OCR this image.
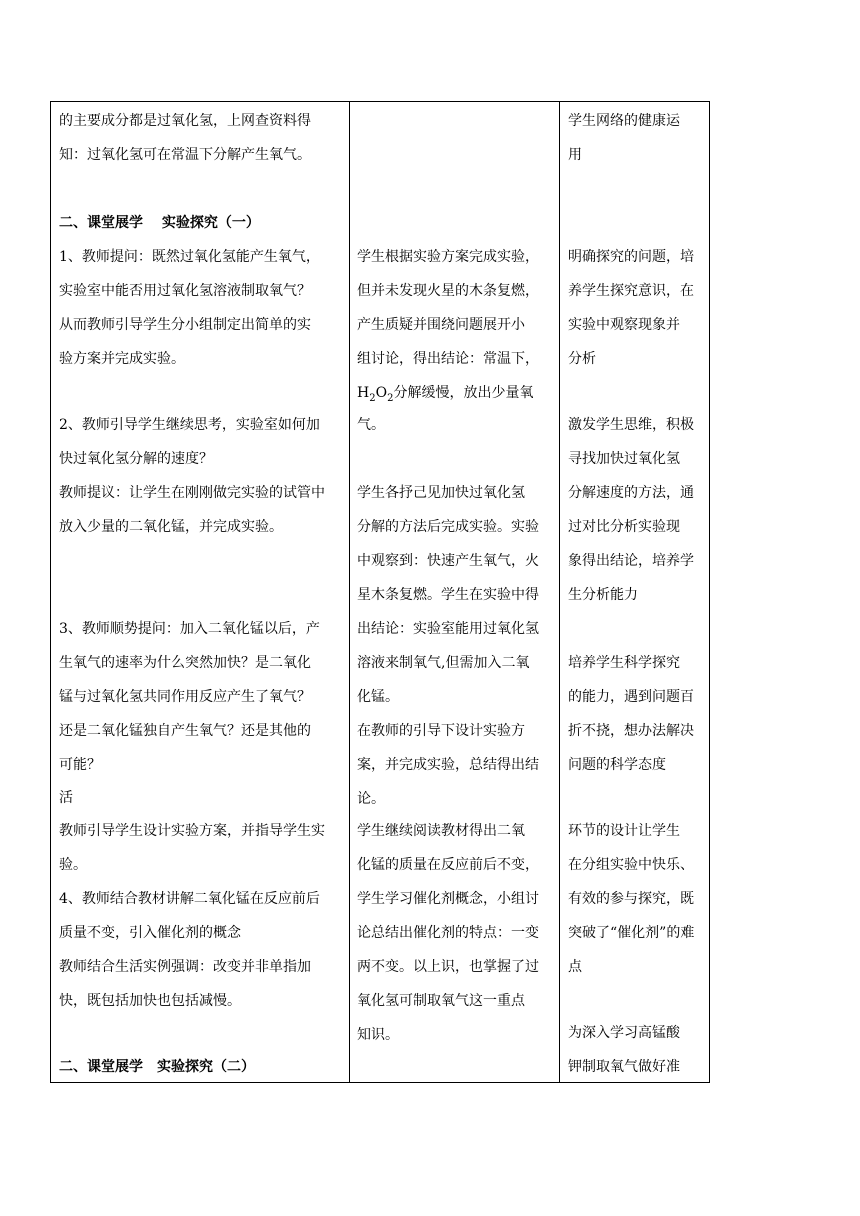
的主要成分都是过氧化氢，上网查资料得
知：过氧化氢可在常温下分解产生氧气。
二、课堂展学　 实验探究（一）
1、教师提问：既然过氧化氢能产生氧气，
实验室中能否用过氧化氢溶液制取氧气？
从而教师引导学生分小组制定出简单的实
验方案并完成实验。
2、教师引导学生继续思考，实验室如何加
快过氧化氢分解的速度？
教师提议：让学生在刚刚做完实验的试管中
放入少量的二氧化锰，并完成实验。
3、教师顺势提问：加入二氧化锰以后，产
生氧气的速率为什么突然加快？是二氧化
锰与过氧化氢共同作用反应产生了氧气？
还是二氧化锰独自产生氧气？还是其他的
可能？
活
教师引导学生设计实验方案，并指导学生实
验。
4、教师结合教材讲解二氧化锰在反应前后
质量不变，引入催化剂的概念
教师结合生活实例强调：改变并非单指加
快，既包括加快也包括减慢。
二、课堂展学　实验探究（二）
学生根据实验方案完成实验，
但并未发现火星的木条复燃，
产生质疑并围绕问题展开小
组讨论，得出结论：常温下，
$H_2O_2$分解缓慢，放出少量氧
气。
学生各抒己见加快过氧化氢
分解的方法后完成实验。实验
中观察到：快速产生氧气，火
星木条复燃。学生在实验中得
出结论：实验室能用过氧化氢
溶液来制氧气,但需加入二氧
化锰。
在教师的引导下设计实验方
案，并完成实验，总结得出结
论。
学生继续阅读教材得出二氧
化锰的质量在反应前后不变，
学生学习催化剂概念，小组讨
论总结出催化剂的特点：一变
两不变。以上识，也掌握了过
氧化氢可制取氧气这一重点
知识。
学生网络的健康运
用
明确探究的问题，培
养学生探究意识，在
实验中观察现象并
分析
激发学生思维，积极
寻找加快过氧化氢
分解速度的方法，通
过对比分析实验现
象得出结论，培养学
生分析能力
培养学生科学探究
的能力，遇到问题百
折不挠，想办法解决
问题的科学态度
环节的设计让学生
在分组实验中快乐、
有效的参与探究，既
突破了“催化剂”的难
点
为深入学习高锰酸
钾制取氧气做好准
